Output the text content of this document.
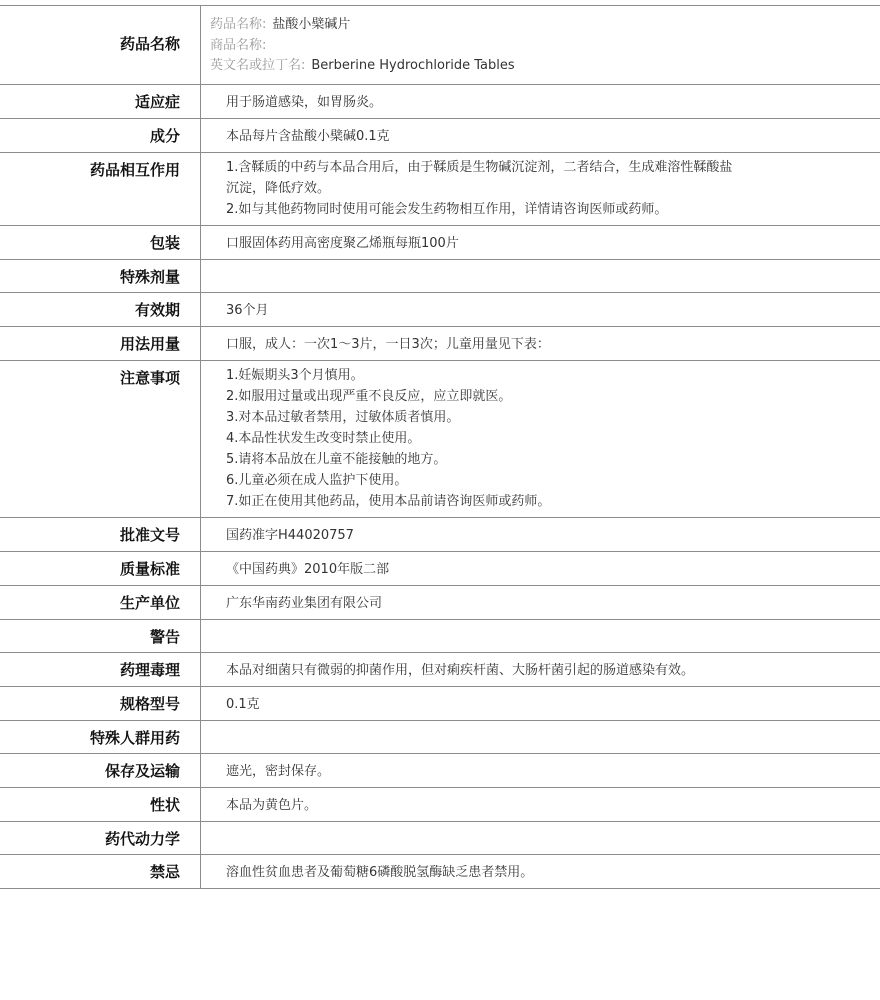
药品名称
药品名称: 盐酸小檗碱片
商品名称:
英文名或拉丁名: Berberine Hydrochloride Tables
适应症	用于肠道感染，如胃肠炎。
成分	本品每片含盐酸小檗碱0.1克
药品相互作用	1.含鞣质的中药与本品合用后，由于鞣质是生物碱沉淀剂，二者结合，生成难溶性鞣酸盐
沉淀，降低疗效。
2.如与其他药物同时使用可能会发生药物相互作用，详情请咨询医师或药师。
包装	口服固体药用高密度聚乙烯瓶每瓶100片
特殊剂量
有效期	36个月
用法用量	口服，成人：一次1～3片，一日3次；儿童用量见下表：
注意事项	1.妊娠期头3个月慎用。
2.如服用过量或出现严重不良反应，应立即就医。
3.对本品过敏者禁用，过敏体质者慎用。
4.本品性状发生改变时禁止使用。
5.请将本品放在儿童不能接触的地方。
6.儿童必须在成人监护下使用。
7.如正在使用其他药品，使用本品前请咨询医师或药师。
批准文号	国药准字H44020757
质量标准	《中国药典》2010年版二部
生产单位	广东华南药业集团有限公司
警告
药理毒理	本品对细菌只有微弱的抑菌作用，但对痢疾杆菌、大肠杆菌引起的肠道感染有效。
规格型号	0.1克
特殊人群用药
保存及运输	遮光，密封保存。
性状	本品为黄色片。
药代动力学
禁忌	溶血性贫血患者及葡萄糖6磷酸脱氢酶缺乏患者禁用。
